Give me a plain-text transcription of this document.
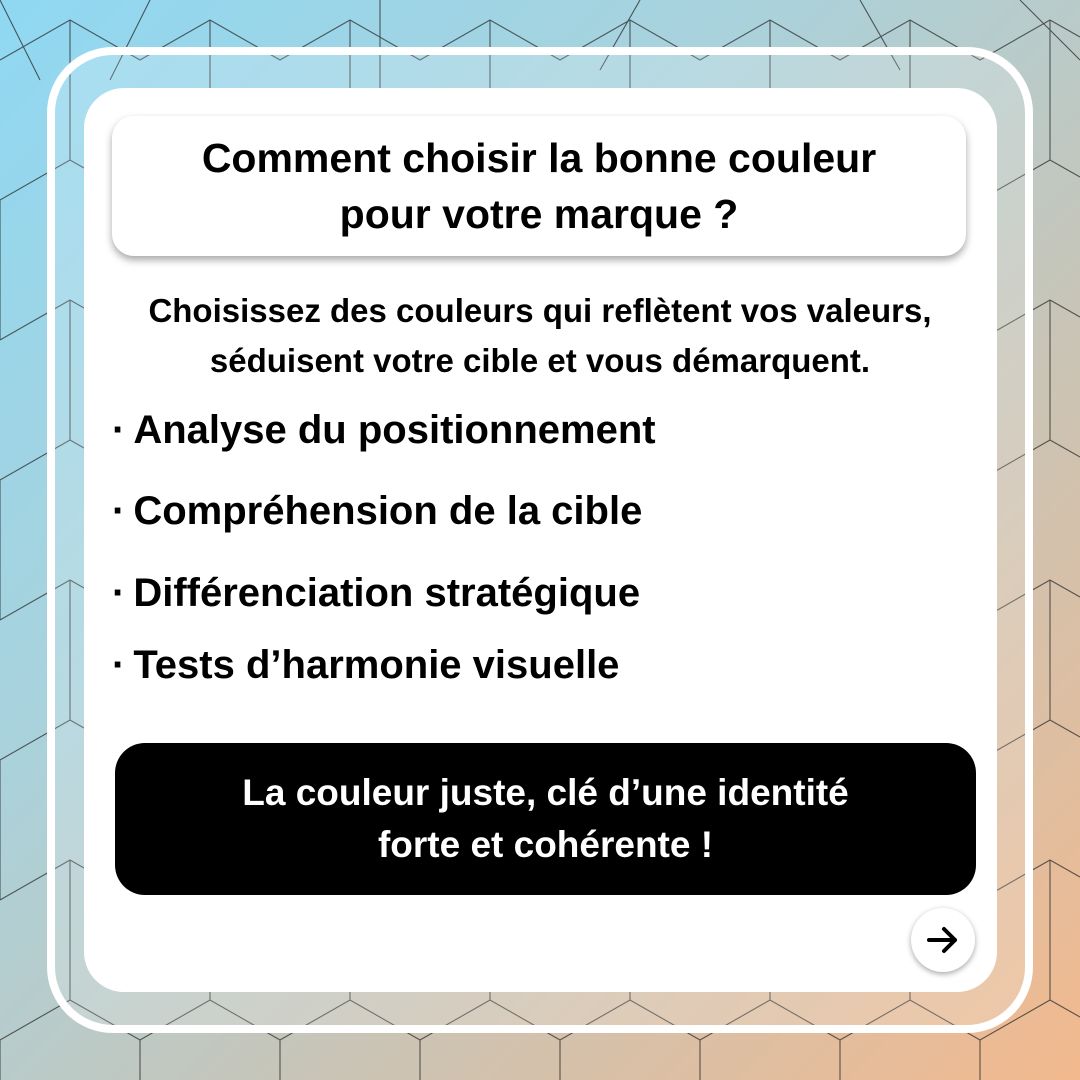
Comment choisir la bonne couleur
pour votre marque ?
Choisissez des couleurs qui reflètent vos valeurs,
séduisent votre cible et vous démarquent.
· Analyse du positionnement
· Compréhension de la cible
· Différenciation stratégique
· Tests d’harmonie visuelle
La couleur juste, clé d’une identité
forte et cohérente !
